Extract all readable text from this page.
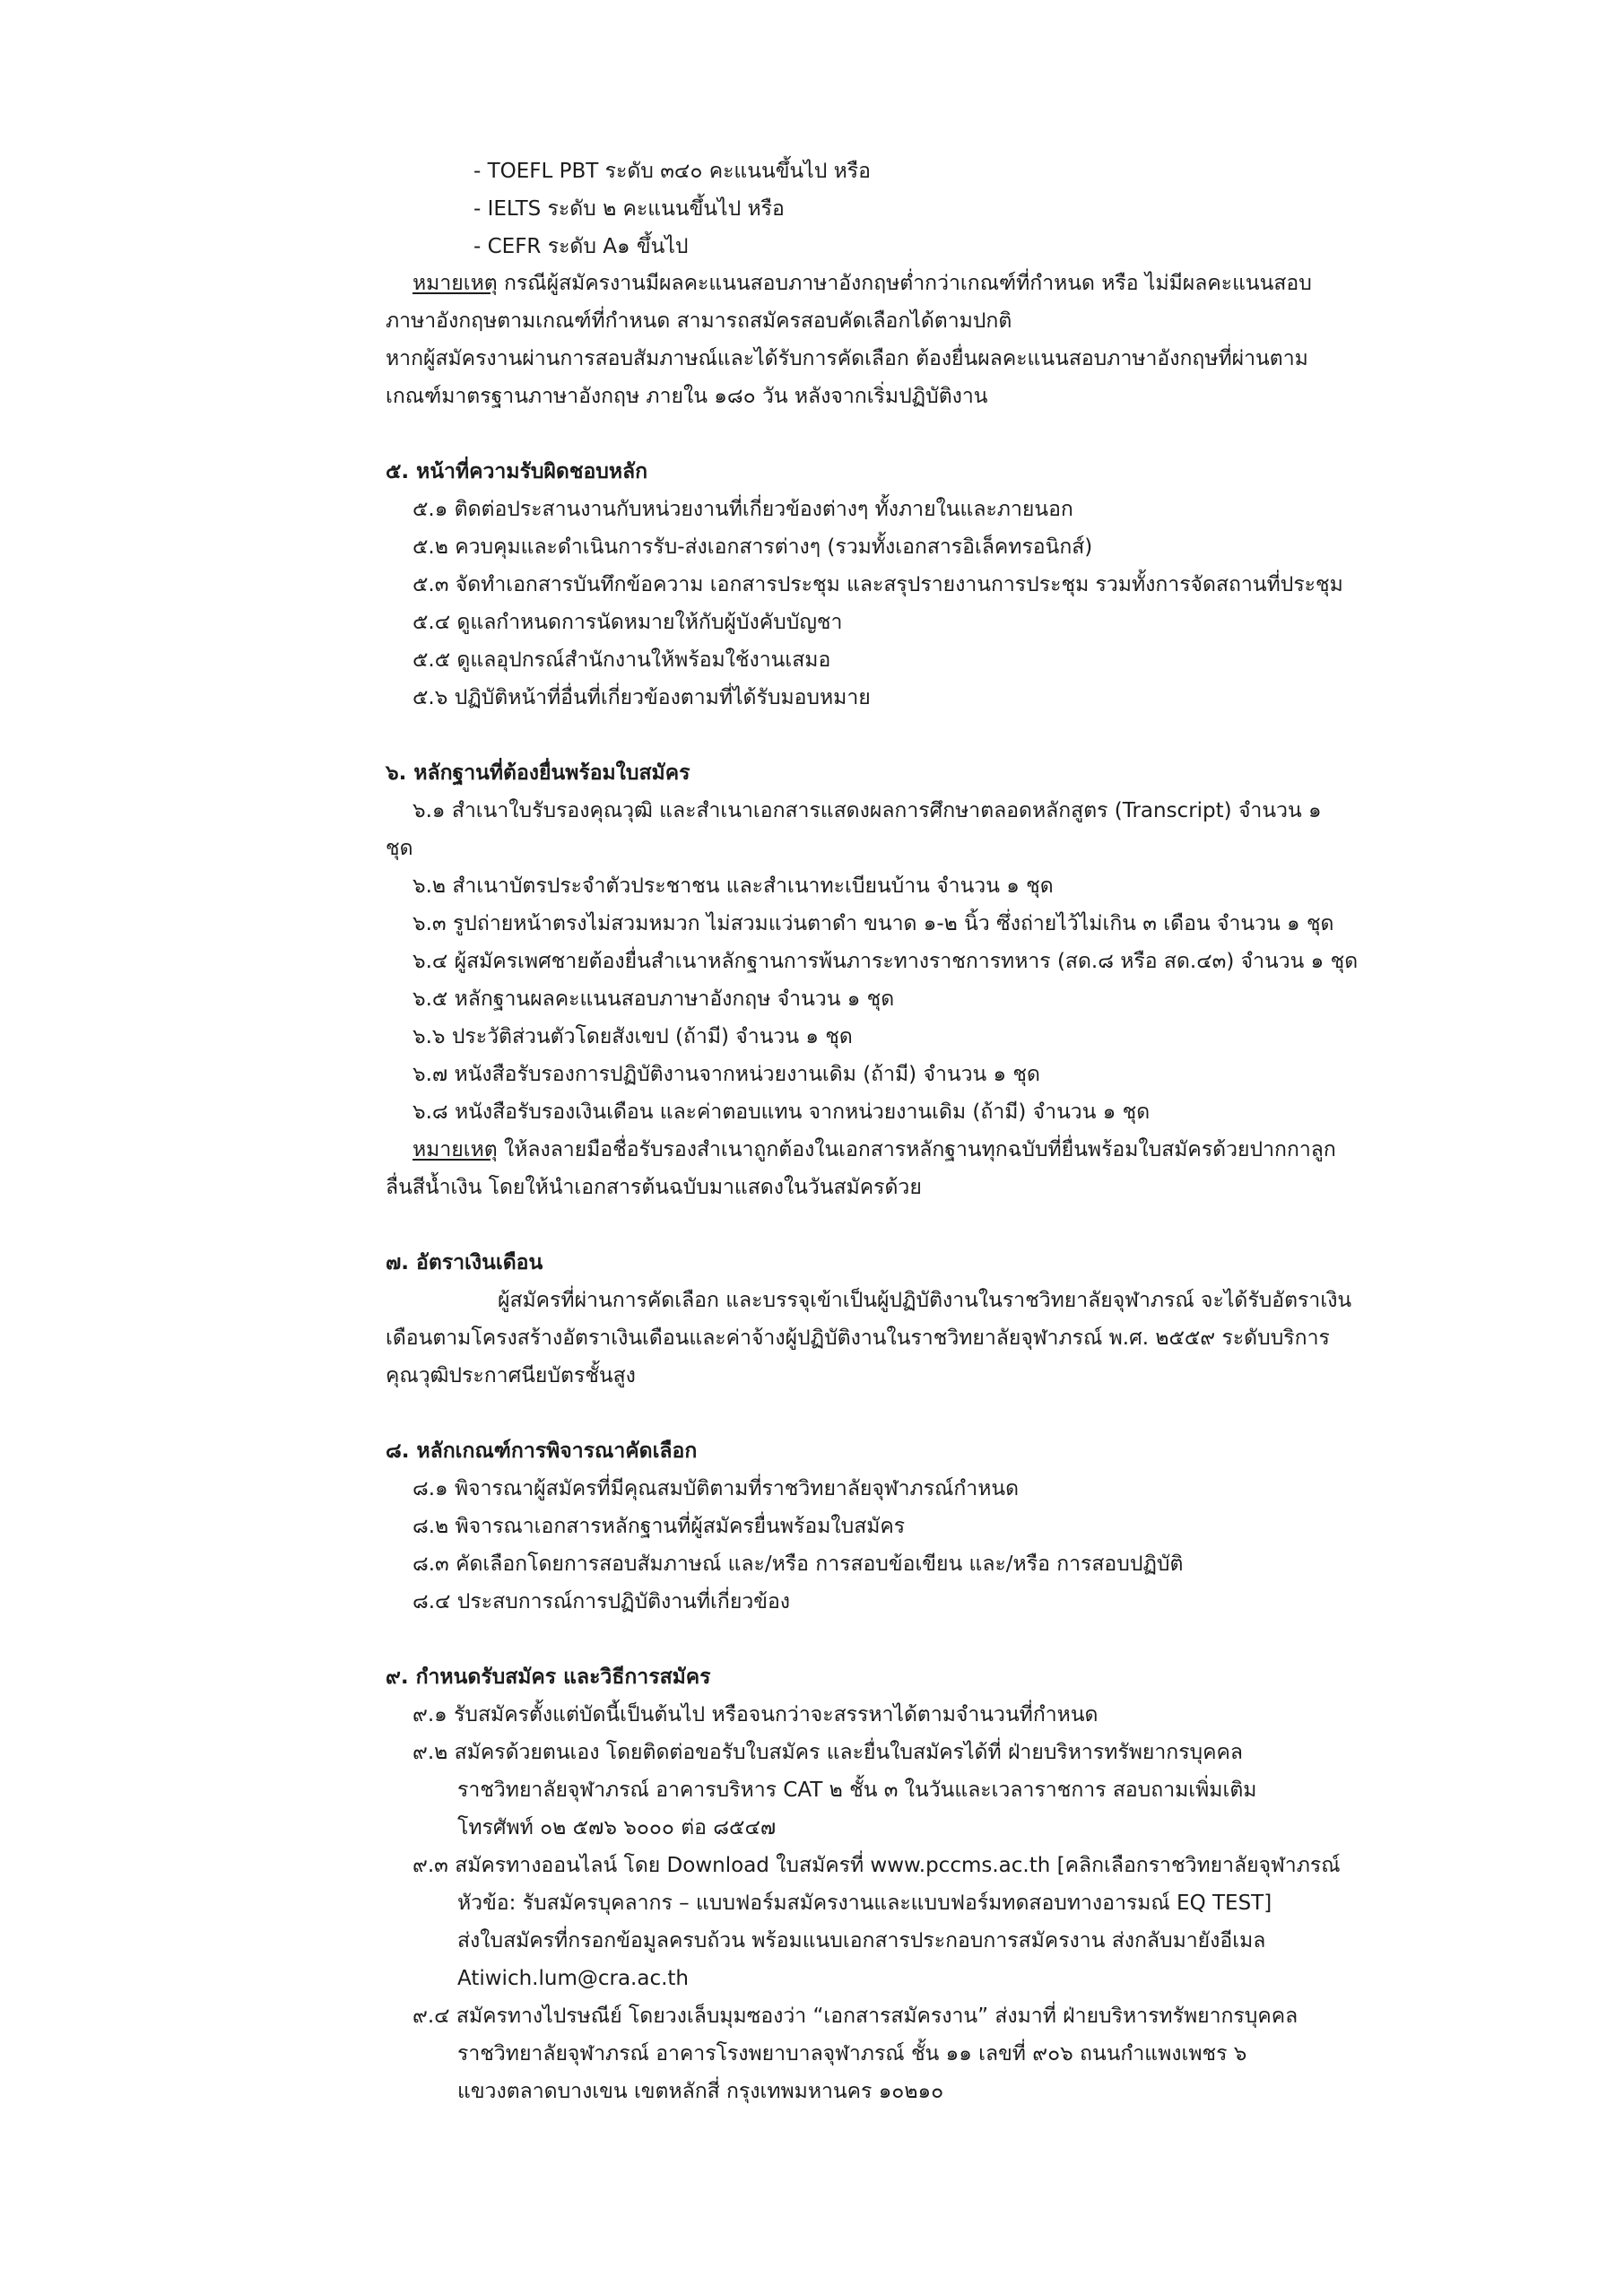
- TOEFL PBT ระดับ ๓๔๐ คะแนนขึ้นไป หรือ
- IELTS ระดับ ๒ คะแนนขึ้นไป หรือ
- CEFR ระดับ A๑ ขึ้นไป
หมายเหตุ กรณีผู้สมัครงานมีผลคะแนนสอบภาษาอังกฤษต่ำกว่าเกณฑ์ที่กำหนด หรือ ไม่มีผลคะแนนสอบ
ภาษาอังกฤษตามเกณฑ์ที่กำหนด สามารถสมัครสอบคัดเลือกได้ตามปกติ
หากผู้สมัครงานผ่านการสอบสัมภาษณ์และได้รับการคัดเลือก ต้องยื่นผลคะแนนสอบภาษาอังกฤษที่ผ่านตาม
เกณฑ์มาตรฐานภาษาอังกฤษ ภายใน ๑๘๐ วัน หลังจากเริ่มปฏิบัติงาน
๕. หน้าที่ความรับผิดชอบหลัก
๕.๑ ติดต่อประสานงานกับหน่วยงานที่เกี่ยวข้องต่างๆ ทั้งภายในและภายนอก
๕.๒ ควบคุมและดำเนินการรับ-ส่งเอกสารต่างๆ (รวมทั้งเอกสารอิเล็คทรอนิกส์)
๕.๓ จัดทำเอกสารบันทึกข้อความ เอกสารประชุม และสรุปรายงานการประชุม รวมทั้งการจัดสถานที่ประชุม
๕.๔ ดูแลกำหนดการนัดหมายให้กับผู้บังคับบัญชา
๕.๕ ดูแลอุปกรณ์สำนักงานให้พร้อมใช้งานเสมอ
๕.๖ ปฏิบัติหน้าที่อื่นที่เกี่ยวข้องตามที่ได้รับมอบหมาย
๖. หลักฐานที่ต้องยื่นพร้อมใบสมัคร
๖.๑ สำเนาใบรับรองคุณวุฒิ และสำเนาเอกสารแสดงผลการศึกษาตลอดหลักสูตร (Transcript) จำนวน ๑
ชุด
๖.๒ สำเนาบัตรประจำตัวประชาชน และสำเนาทะเบียนบ้าน จำนวน ๑ ชุด
๖.๓ รูปถ่ายหน้าตรงไม่สวมหมวก ไม่สวมแว่นตาดำ ขนาด ๑-๒ นิ้ว ซึ่งถ่ายไว้ไม่เกิน ๓ เดือน จำนวน ๑ ชุด
๖.๔ ผู้สมัครเพศชายต้องยื่นสำเนาหลักฐานการพ้นภาระทางราชการทหาร (สด.๘ หรือ สด.๔๓) จำนวน ๑ ชุด
๖.๕ หลักฐานผลคะแนนสอบภาษาอังกฤษ จำนวน ๑ ชุด
๖.๖ ประวัติส่วนตัวโดยสังเขป (ถ้ามี) จำนวน ๑ ชุด
๖.๗ หนังสือรับรองการปฏิบัติงานจากหน่วยงานเดิม (ถ้ามี) จำนวน ๑ ชุด
๖.๘ หนังสือรับรองเงินเดือน และค่าตอบแทน จากหน่วยงานเดิม (ถ้ามี) จำนวน ๑ ชุด
หมายเหตุ ให้ลงลายมือชื่อรับรองสำเนาถูกต้องในเอกสารหลักฐานทุกฉบับที่ยื่นพร้อมใบสมัครด้วยปากกาลูก
ลื่นสีน้ำเงิน โดยให้นำเอกสารต้นฉบับมาแสดงในวันสมัครด้วย
๗. อัตราเงินเดือน
ผู้สมัครที่ผ่านการคัดเลือก และบรรจุเข้าเป็นผู้ปฏิบัติงานในราชวิทยาลัยจุฬาภรณ์ จะได้รับอัตราเงิน
เดือนตามโครงสร้างอัตราเงินเดือนและค่าจ้างผู้ปฏิบัติงานในราชวิทยาลัยจุฬาภรณ์ พ.ศ. ๒๕๕๙ ระดับบริการ
คุณวุฒิประกาศนียบัตรชั้นสูง
๘. หลักเกณฑ์การพิจารณาคัดเลือก
๘.๑ พิจารณาผู้สมัครที่มีคุณสมบัติตามที่ราชวิทยาลัยจุฬาภรณ์กำหนด
๘.๒ พิจารณาเอกสารหลักฐานที่ผู้สมัครยื่นพร้อมใบสมัคร
๘.๓ คัดเลือกโดยการสอบสัมภาษณ์ และ/หรือ การสอบข้อเขียน และ/หรือ การสอบปฏิบัติ
๘.๔ ประสบการณ์การปฏิบัติงานที่เกี่ยวข้อง
๙. กำหนดรับสมัคร และวิธีการสมัคร
๙.๑ รับสมัครตั้งแต่บัดนี้เป็นต้นไป หรือจนกว่าจะสรรหาได้ตามจำนวนที่กำหนด
๙.๒ สมัครด้วยตนเอง โดยติดต่อขอรับใบสมัคร และยื่นใบสมัครได้ที่ ฝ่ายบริหารทรัพยากรบุคคล
ราชวิทยาลัยจุฬาภรณ์ อาคารบริหาร CAT ๒ ชั้น ๓ ในวันและเวลาราชการ สอบถามเพิ่มเติม
โทรศัพท์ ๐๒ ๕๗๖ ๖๐๐๐ ต่อ ๘๕๔๗
๙.๓ สมัครทางออนไลน์ โดย Download ใบสมัครที่ www.pccms.ac.th [คลิกเลือกราชวิทยาลัยจุฬาภรณ์
หัวข้อ: รับสมัครบุคลากร – แบบฟอร์มสมัครงานและแบบฟอร์มทดสอบทางอารมณ์ EQ TEST]
ส่งใบสมัครที่กรอกข้อมูลครบถ้วน พร้อมแนบเอกสารประกอบการสมัครงาน ส่งกลับมายังอีเมล
Atiwich.lum@cra.ac.th
๙.๔ สมัครทางไปรษณีย์ โดยวงเล็บมุมซองว่า “เอกสารสมัครงาน” ส่งมาที่ ฝ่ายบริหารทรัพยากรบุคคล
ราชวิทยาลัยจุฬาภรณ์ อาคารโรงพยาบาลจุฬาภรณ์ ชั้น ๑๑ เลขที่ ๙๐๖ ถนนกำแพงเพชร ๖
แขวงตลาดบางเขน เขตหลักสี่ กรุงเทพมหานคร ๑๐๒๑๐
